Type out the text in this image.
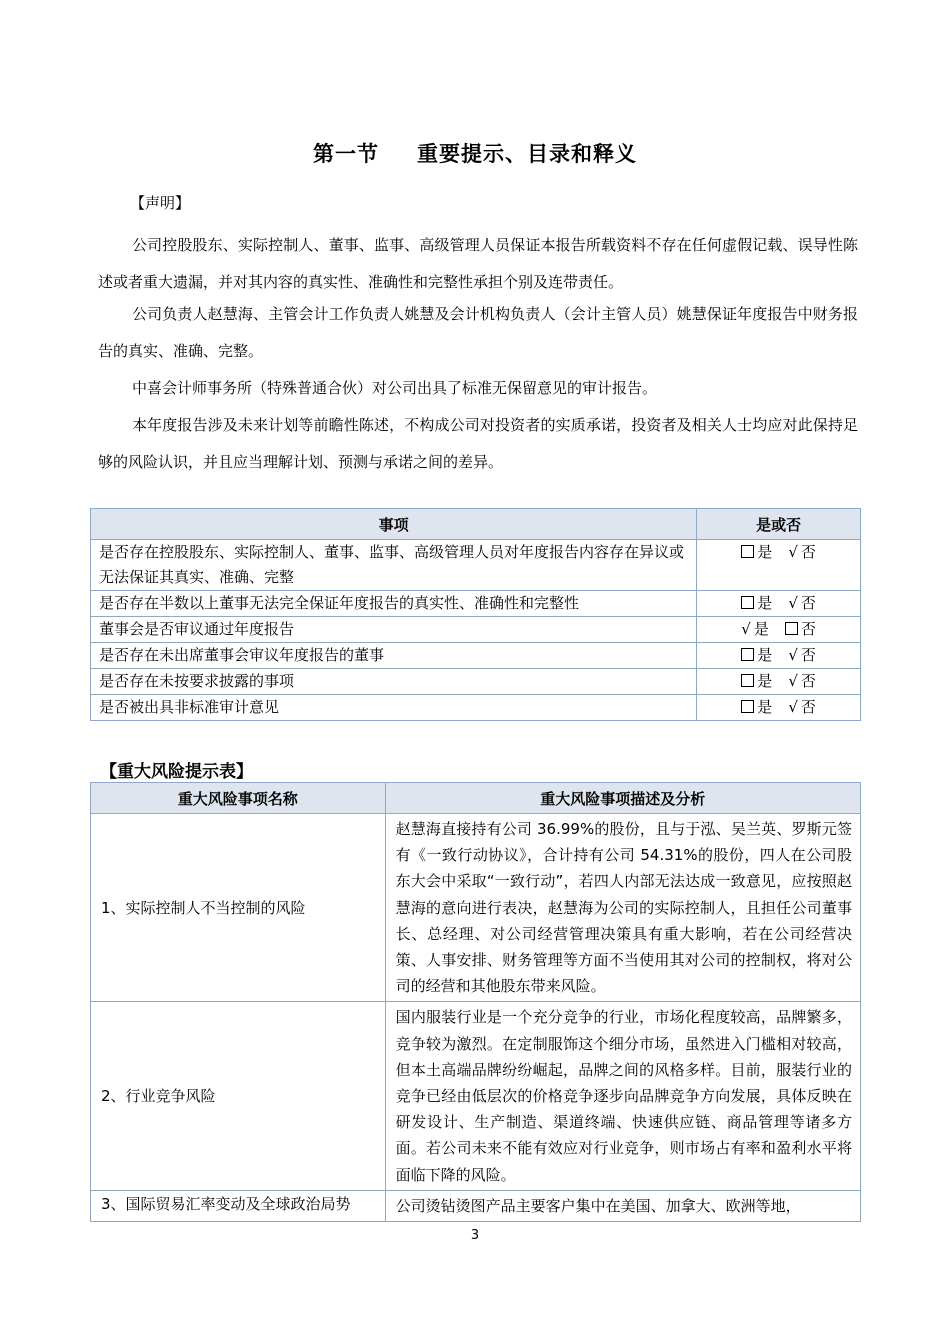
第一节 重要提示、目录和释义
【声明】

公司控股股东、实际控制人、董事、监事、高级管理人员保证本报告所载资料不存在任何虚假记载、误导性陈述或者重大遗漏，并对其内容的真实性、准确性和完整性承担个别及连带责任。

公司负责人赵慧海、主管会计工作负责人姚慧及会计机构负责人（会计主管人员）姚慧保证年度报告中财务报告的真实、准确、完整。

中喜会计师事务所（特殊普通合伙）对公司出具了标准无保留意见的审计报告。

本年度报告涉及未来计划等前瞻性陈述，不构成公司对投资者的实质承诺，投资者及相关人士均应对此保持足够的风险认识，并且应当理解计划、预测与承诺之间的差异。

事项	是或否
是否存在控股股东、实际控制人、董事、监事、高级管理人员对年度报告内容存在异议或无法保证其真实、准确、完整	是 √ 否
是否存在半数以上董事无法完全保证年度报告的真实性、准确性和完整性	是 √ 否
董事会是否审议通过年度报告	√ 是 否
是否存在未出席董事会审议年度报告的董事	是 √ 否
是否存在未按要求披露的事项	是 √ 否
是否被出具非标准审计意见	是 √ 否
【重大风险提示表】
重大风险事项名称	重大风险事项描述及分析
1、实际控制人不当控制的风险	赵慧海直接持有公司 36.99%的股份，且与于泓、吴兰英、罗斯元签有《一致行动协议》，合计持有公司 54.31%的股份，四人在公司股东大会中采取“一致行动”，若四人内部无法达成一致意见，应按照赵慧海的意向进行表决，赵慧海为公司的实际控制人，且担任公司董事长、总经理、对公司经营管理决策具有重大影响，若在公司经营决策、人事安排、财务管理等方面不当使用其对公司的控制权，将对公司的经营和其他股东带来风险。
2、行业竞争风险	国内服装行业是一个充分竞争的行业，市场化程度较高，品牌繁多，竞争较为激烈。在定制服饰这个细分市场，虽然进入门槛相对较高，但本土高端品牌纷纷崛起，品牌之间的风格多样。目前，服装行业的竞争已经由低层次的价格竞争逐步向品牌竞争方向发展，具体反映在研发设计、生产制造、渠道终端、快速供应链、商品管理等诸多方面。若公司未来不能有效应对行业竞争，则市场占有率和盈利水平将面临下降的风险。
3、国际贸易汇率变动及全球政治局势	公司烫钻烫图产品主要客户集中在美国、加拿大、欧洲等地，
3
